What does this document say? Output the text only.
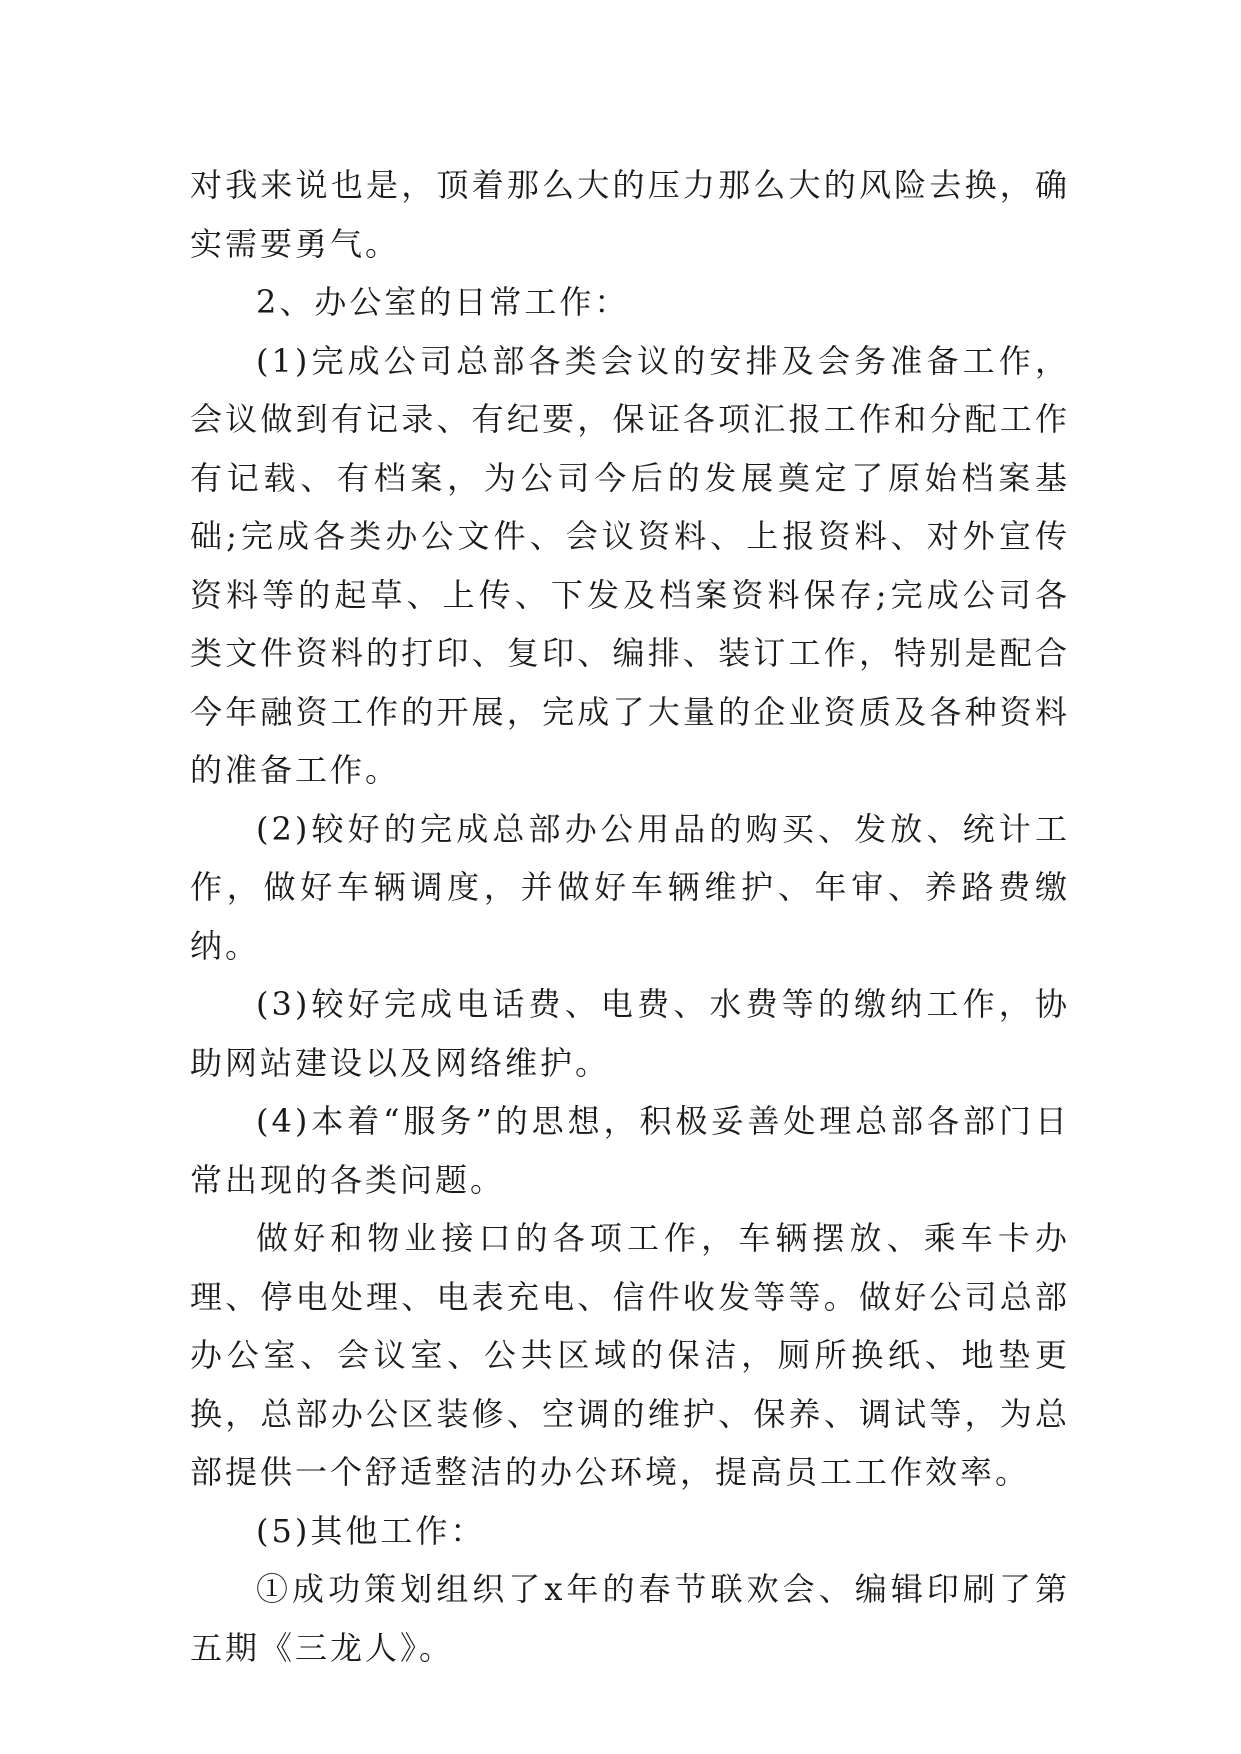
对我来说也是，顶着那么大的压力那么大的风险去换，确实需要勇气。

2、办公室的日常工作：

(1)完成公司总部各类会议的安排及会务准备工作，会议做到有记录、有纪要，保证各项汇报工作和分配工作有记载、有档案，为公司今后的发展奠定了原始档案基础;完成各类办公文件、会议资料、上报资料、对外宣传资料等的起草、上传、下发及档案资料保存;完成公司各类文件资料的打印、复印、编排、装订工作，特别是配合今年融资工作的开展，完成了大量的企业资质及各种资料的准备工作。

(2)较好的完成总部办公用品的购买、发放、统计工作，做好车辆调度，并做好车辆维护、年审、养路费缴纳。

(3)较好完成电话费、电费、水费等的缴纳工作，协助网站建设以及网络维护。

(4)本着“服务”的思想，积极妥善处理总部各部门日常出现的各类问题。

做好和物业接口的各项工作，车辆摆放、乘车卡办理、停电处理、电表充电、信件收发等等。做好公司总部办公室、会议室、公共区域的保洁，厕所换纸、地垫更换，总部办公区装修、空调的维护、保养、调试等，为总部提供一个舒适整洁的办公环境，提高员工工作效率。

(5)其他工作：

①成功策划组织了x年的春节联欢会、编辑印刷了第五期《三龙人》。
